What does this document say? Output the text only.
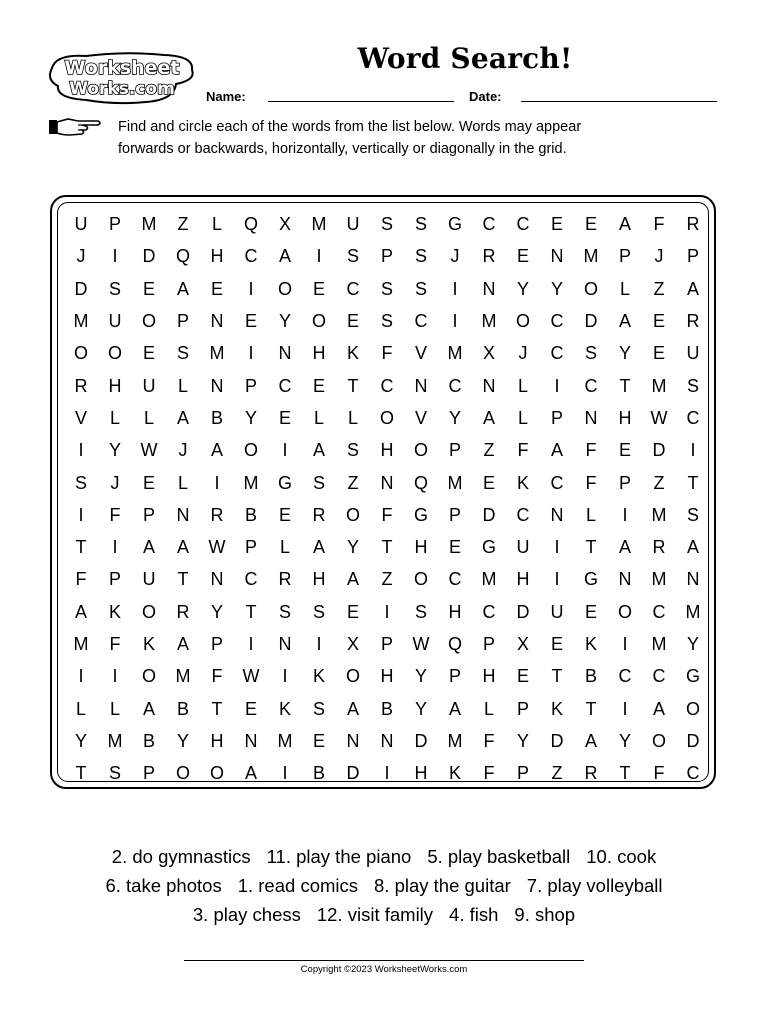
Worksheet
Works.com
Word Search!
Name:	Date:
Find and circle each of the words from the list below. Words may appear
forwards or backwards, horizontally, vertically or diagonally in the grid.
U	P	M	Z	L	Q	X	M	U	S	S	G	C	C	E	E	A	F	R
J	I	D	Q	H	C	A	I	S	P	S	J	R	E	N	M	P	J	P
D	S	E	A	E	I	O	E	C	S	S	I	N	Y	Y	O	L	Z	A
M	U	O	P	N	E	Y	O	E	S	C	I	M	O	C	D	A	E	R
O	O	E	S	M	I	N	H	K	F	V	M	X	J	C	S	Y	E	U
R	H	U	L	N	P	C	E	T	C	N	C	N	L	I	C	T	M	S
V	L	L	A	B	Y	E	L	L	O	V	Y	A	L	P	N	H	W	C
I	Y	W	J	A	O	I	A	S	H	O	P	Z	F	A	F	E	D	I
S	J	E	L	I	M	G	S	Z	N	Q	M	E	K	C	F	P	Z	T
I	F	P	N	R	B	E	R	O	F	G	P	D	C	N	L	I	M	S
T	I	A	A	W	P	L	A	Y	T	H	E	G	U	I	T	A	R	A
F	P	U	T	N	C	R	H	A	Z	O	C	M	H	I	G	N	M	N
A	K	O	R	Y	T	S	S	E	I	S	H	C	D	U	E	O	C	M
M	F	K	A	P	I	N	I	X	P	W	Q	P	X	E	K	I	M	Y
I	I	O	M	F	W	I	K	O	H	Y	P	H	E	T	B	C	C	G
L	L	A	B	T	E	K	S	A	B	Y	A	L	P	K	T	I	A	O
Y	M	B	Y	H	N	M	E	N	N	D	M	F	Y	D	A	Y	O	D
T	S	P	O	O	A	I	B	D	I	H	K	F	P	Z	R	T	F	C
2. do gymnastics 11. play the piano 5. play basketball 10. cook
6. take photos 1. read comics 8. play the guitar 7. play volleyball
3. play chess 12. visit family 4. fish 9. shop
Copyright ©2023 WorksheetWorks.com
